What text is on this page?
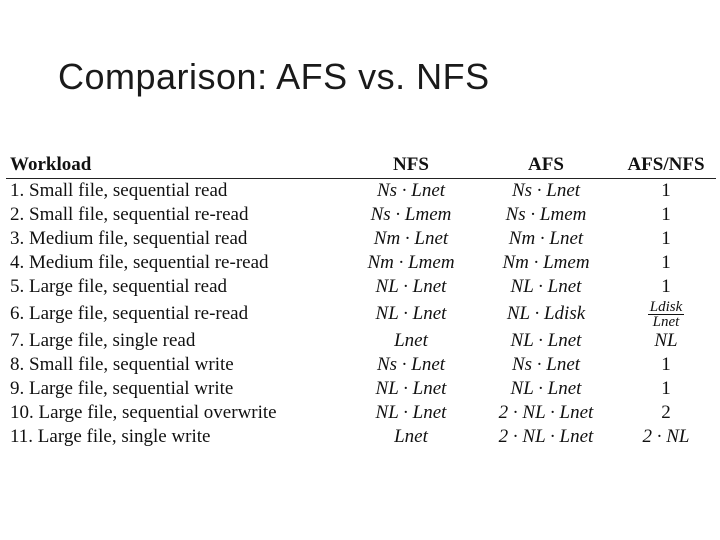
Comparison: AFS vs. NFS
Workload	NFS	AFS	AFS/NFS
1. Small file, sequential read	Ns · Lnet	Ns · Lnet	1
2. Small file, sequential re-read	Ns · Lmem	Ns · Lmem	1
3. Medium file, sequential read	Nm · Lnet	Nm · Lnet	1
4. Medium file, sequential re-read	Nm · Lmem	Nm · Lmem	1
5. Large file, sequential read	NL · Lnet	NL · Lnet	1
6. Large file, sequential re-read	NL · Lnet	NL · Ldisk	$\frac{\text{Ldisk}}{\text{Lnet}}$

7. Large file, single read	Lnet	NL · Lnet	NL
8. Small file, sequential write	Ns · Lnet	Ns · Lnet	1
9. Large file, sequential write	NL · Lnet	NL · Lnet	1
10. Large file, sequential overwrite	NL · Lnet	2 · NL · Lnet	2
11. Large file, single write	Lnet	2 · NL · Lnet	2 · NL
